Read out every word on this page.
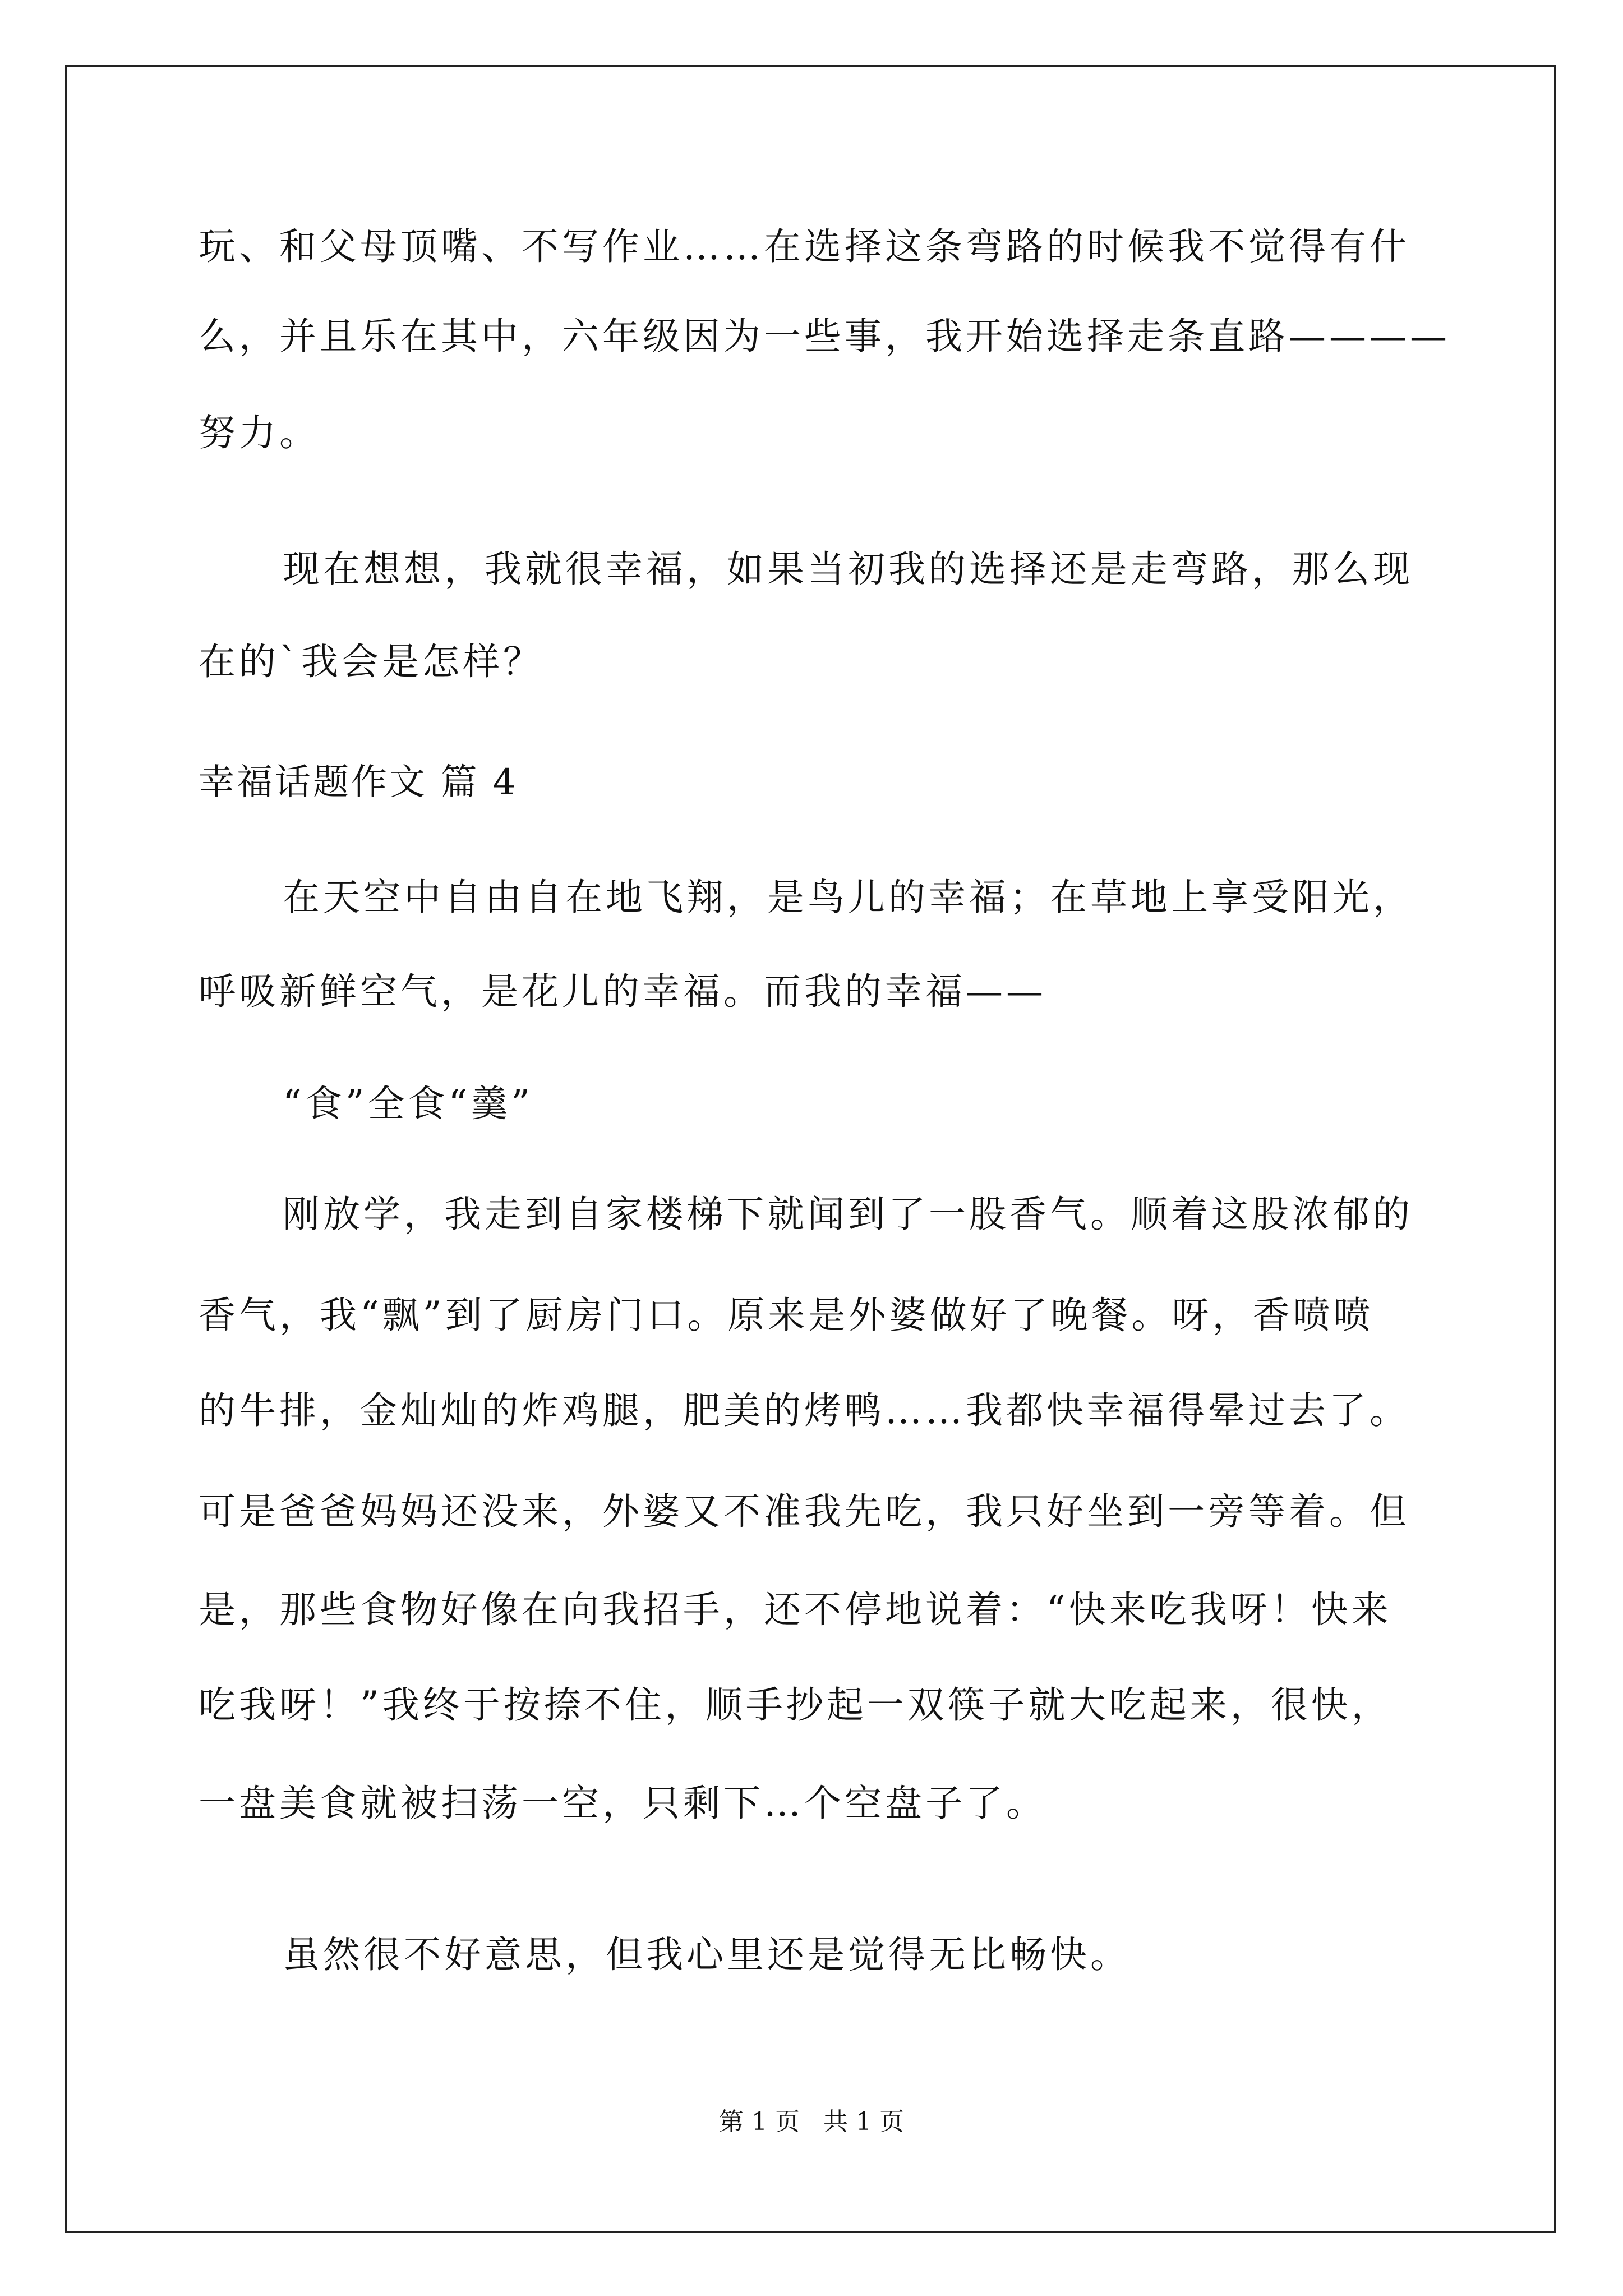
玩、和父母顶嘴、不写作业……在选择这条弯路的时候我不觉得有什
么，并且乐在其中，六年级因为一些事，我开始选择走条直路————
努力。
现在想想，我就很幸福，如果当初我的选择还是走弯路，那么现
在的`我会是怎样？
幸福话题作文 篇 4
在天空中自由自在地飞翔，是鸟儿的幸福；在草地上享受阳光，
呼吸新鲜空气，是花儿的幸福。而我的幸福——
“食”全食“羹”
刚放学，我走到自家楼梯下就闻到了一股香气。顺着这股浓郁的
香气，我“飘”到了厨房门口。原来是外婆做好了晚餐。呀，香喷喷
的牛排，金灿灿的炸鸡腿，肥美的烤鸭……我都快幸福得晕过去了。
可是爸爸妈妈还没来，外婆又不准我先吃，我只好坐到一旁等着。但
是，那些食物好像在向我招手，还不停地说着：“快来吃我呀！快来
吃我呀！”我终于按捺不住，顺手抄起一双筷子就大吃起来，很快，
一盘美食就被扫荡一空，只剩下…个空盘子了。
虽然很不好意思，但我心里还是觉得无比畅快。
第 1 页   共 1 页
